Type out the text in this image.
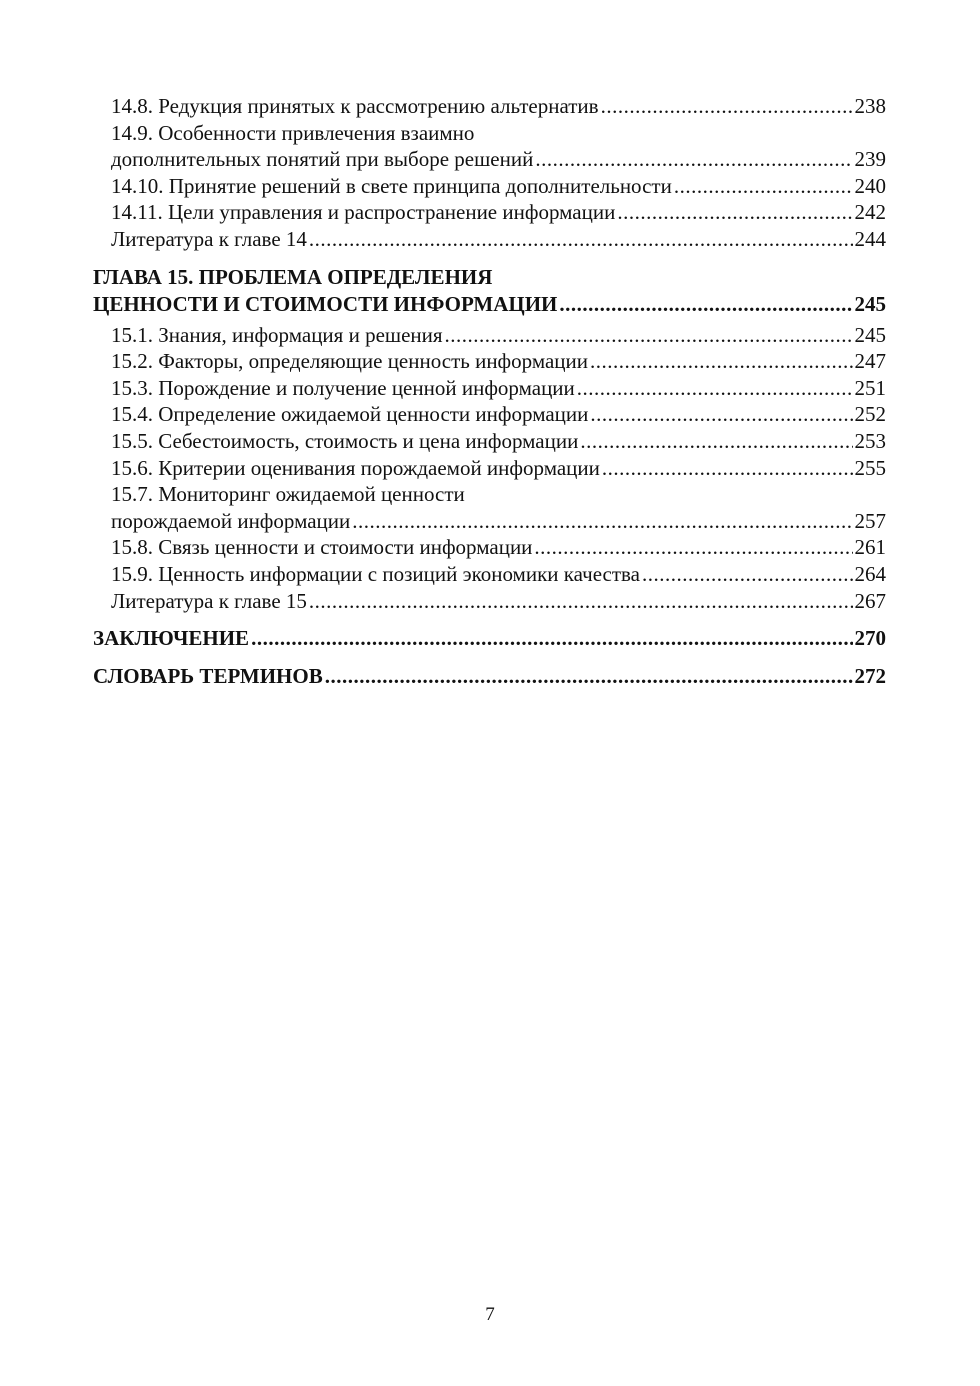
14.8. Редукция принятых к рассмотрению альтернатив .....	238
14.9. Особенности привлечения взаимно
дополнительных понятий при выборе решений .....	239
14.10. Принятие решений в свете принципа дополнительности .....	240
14.11. Цели управления и распространение информации .....	242
Литература к главе 14 .....	244
ГЛАВА 15. ПРОБЛЕМА ОПРЕДЕЛЕНИЯ
ЦЕННОСТИ И СТОИМОСТИ ИНФОРМАЦИИ .....	245
15.1. Знания, информация и решения .....	245
15.2. Факторы, определяющие ценность информации .....	247
15.3. Порождение и получение ценной информации .....	251
15.4. Определение ожидаемой ценности информации .....	252
15.5. Себестоимость, стоимость и цена информации .....	253
15.6. Критерии оценивания порождаемой информации .....	255
15.7. Мониторинг ожидаемой ценности
порождаемой информации .....	257
15.8. Связь ценности и стоимости информации .....	261
15.9. Ценность информации с позиций экономики качества .....	264
Литература к главе 15 .....	267
ЗАКЛЮЧЕНИЕ .....	270
СЛОВАРЬ ТЕРМИНОВ .....	272
7
